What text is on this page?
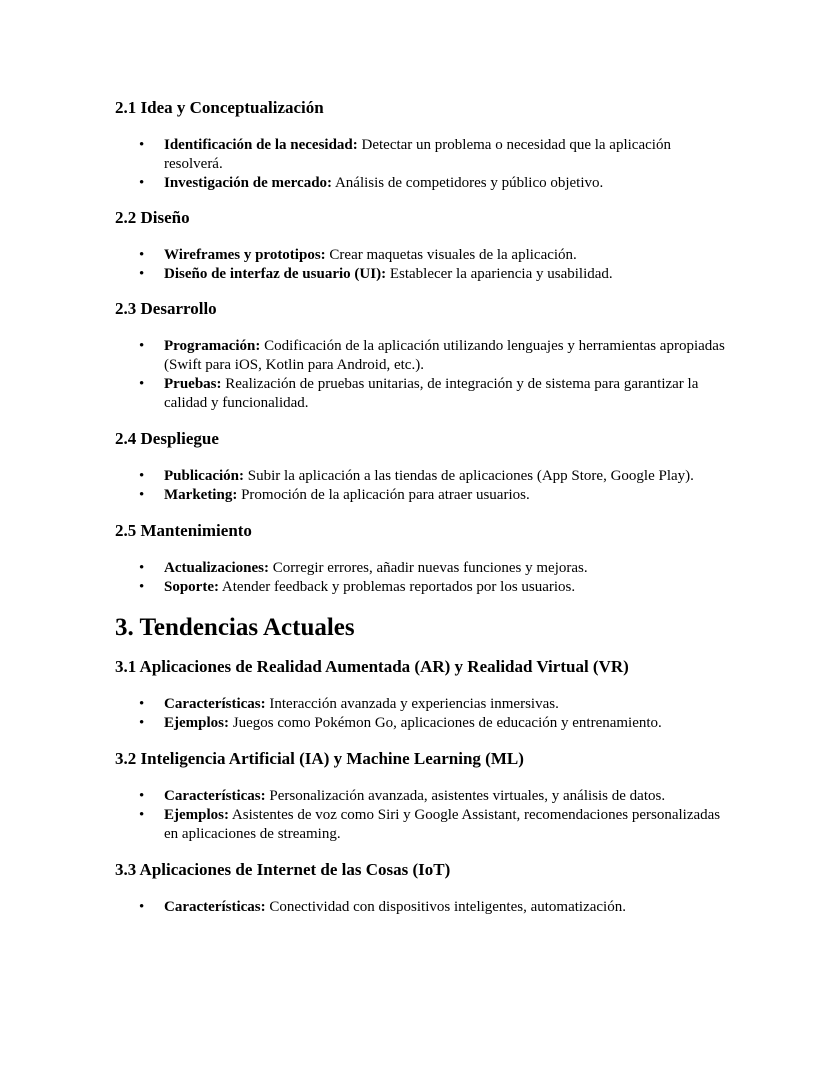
2.1 Idea y Conceptualización
• Identificación de la necesidad: Detectar un problema o necesidad que la aplicación resolverá.
• Investigación de mercado: Análisis de competidores y público objetivo.
2.2 Diseño
• Wireframes y prototipos: Crear maquetas visuales de la aplicación.
• Diseño de interfaz de usuario (UI): Establecer la apariencia y usabilidad.
2.3 Desarrollo
• Programación: Codificación de la aplicación utilizando lenguajes y herramientas apropiadas (Swift para iOS, Kotlin para Android, etc.).
• Pruebas: Realización de pruebas unitarias, de integración y de sistema para garantizar la calidad y funcionalidad.
2.4 Despliegue
• Publicación: Subir la aplicación a las tiendas de aplicaciones (App Store, Google Play).
• Marketing: Promoción de la aplicación para atraer usuarios.
2.5 Mantenimiento
• Actualizaciones: Corregir errores, añadir nuevas funciones y mejoras.
• Soporte: Atender feedback y problemas reportados por los usuarios.
3. Tendencias Actuales
3.1 Aplicaciones de Realidad Aumentada (AR) y Realidad Virtual (VR)
• Características: Interacción avanzada y experiencias inmersivas.
• Ejemplos: Juegos como Pokémon Go, aplicaciones de educación y entrenamiento.
3.2 Inteligencia Artificial (IA) y Machine Learning (ML)
• Características: Personalización avanzada, asistentes virtuales, y análisis de datos.
• Ejemplos: Asistentes de voz como Siri y Google Assistant, recomendaciones personalizadas en aplicaciones de streaming.
3.3 Aplicaciones de Internet de las Cosas (IoT)
• Características: Conectividad con dispositivos inteligentes, automatización.
